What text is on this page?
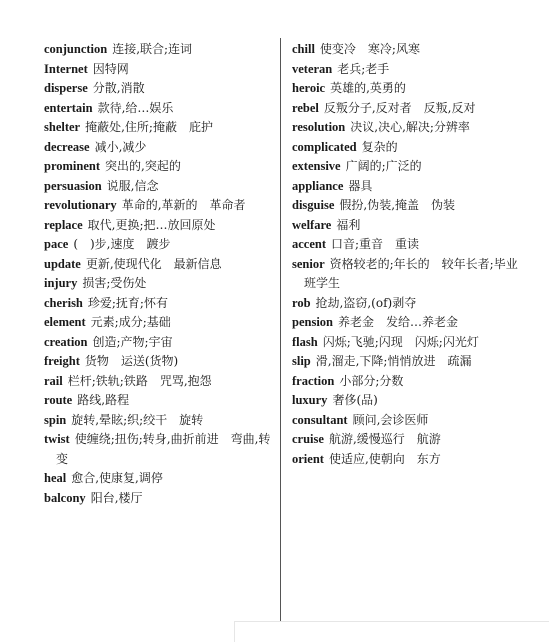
conjunction 连接,联合;连词
Internet 因特网
disperse 分散,消散
entertain 款待,给…娱乐
shelter 掩蔽处,住所;掩蔽　庇护
decrease 减小,减少
prominent 突出的,突起的
persuasion 说服,信念
revolutionary 革命的,革新的　革命者
replace 取代,更换;把…放回原处
pace (　)步,速度　踱步
update 更新,使现代化　最新信息
injury 损害;受伤处
cherish 珍爱;抚育;怀有
element 元素;成分;基础
creation 创造;产物;宇宙
freight 货物　运送(货物)
rail 栏杆;铁轨;铁路　咒骂,抱怨
route 路线,路程
spin 旋转,晕眩;织;绞干　旋转
twist 使缠绕;扭伤;转身,曲折前进　弯曲,转变
heal 愈合,使康复,调停
balcony 阳台,楼厅
chill 使变冷　寒冷;风寒
veteran 老兵;老手
heroic 英雄的,英勇的
rebel 反叛分子,反对者　反叛,反对
resolution 决议,决心,解决;分辨率
complicated 复杂的
extensive 广阔的;广泛的
appliance 器具
disguise 假扮,伪装,掩盖　伪装
welfare 福利
accent 口音;重音　重读
senior 资格较老的;年长的　较年长者;毕业班学生
rob 抢劫,盗窃,(of)剥夺
pension 养老金　发给…养老金
flash 闪烁;飞驰;闪现　闪烁;闪光灯
slip 滑,溜走,下降;悄悄放进　疏漏
fraction 小部分;分数
luxury 奢侈(品)
consultant 顾问,会诊医师
cruise 航游,缓慢巡行　航游
orient 使适应,使朝向　东方
